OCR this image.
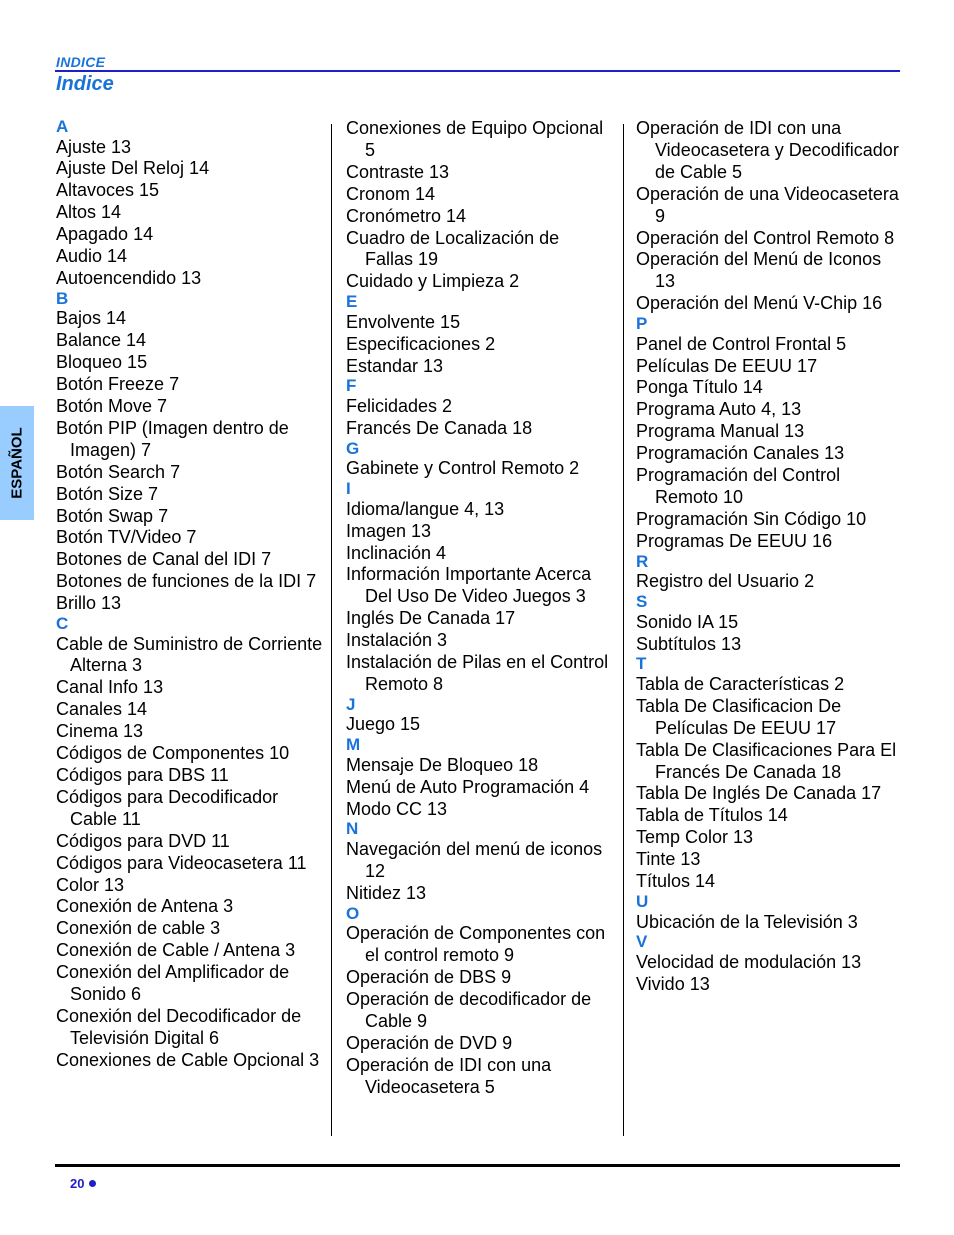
INDICE
Indice
ESPAÑOL
A
Ajuste 13
Ajuste Del Reloj 14
Altavoces 15
Altos 14
Apagado 14
Audio 14
Autoencendido 13
B
Bajos 14
Balance 14
Bloqueo 15
Botón Freeze 7
Botón Move 7
Botón PIP (Imagen dentro de Imagen) 7
Botón Search 7
Botón Size 7
Botón Swap 7
Botón TV/Video 7
Botones de Canal del IDI 7
Botones de funciones de la IDI 7
Brillo 13
C
Cable de Suministro de Corriente Alterna 3
Canal Info 13
Canales 14
Cinema 13
Códigos de Componentes 10
Códigos para DBS 11
Códigos para Decodificador Cable 11
Códigos para DVD 11
Códigos para Videocasetera 11
Color 13
Conexión de Antena 3
Conexión de cable 3
Conexión de Cable / Antena 3
Conexión del Amplificador de Sonido 6
Conexión del Decodificador de Televisión Digital 6
Conexiones de Cable Opcional 3
Conexiones de Equipo Opcional 5
Contraste 13
Cronom 14
Cronómetro 14
Cuadro de Localización de Fallas 19
Cuidado y Limpieza 2
E
Envolvente 15
Especificaciones 2
Estandar 13
F
Felicidades 2
Francés De Canada 18
G
Gabinete y Control Remoto 2
I
Idioma/langue 4, 13
Imagen 13
Inclinación 4
Información Importante Acerca Del Uso De Video Juegos 3
Inglés De Canada 17
Instalación 3
Instalación de Pilas en el Control Remoto 8
J
Juego 15
M
Mensaje De Bloqueo 18
Menú de Auto Programación 4
Modo CC 13
N
Navegación del menú de iconos 12
Nitidez 13
O
Operación de Componentes con el control remoto 9
Operación de DBS 9
Operación de decodificador de Cable 9
Operación de DVD 9
Operación de IDI con una Videocasetera 5
Operación de IDI con una Videocasetera y Decodificador de Cable 5
Operación de una Videocasetera 9
Operación del Control Remoto 8
Operación del Menú de Iconos 13
Operación del Menú V-Chip 16
P
Panel de Control Frontal 5
Películas De EEUU 17
Ponga Título 14
Programa Auto 4, 13
Programa Manual 13
Programación Canales 13
Programación del Control Remoto 10
Programación Sin Código 10
Programas De EEUU 16
R
Registro del Usuario 2
S
Sonido IA 15
Subtítulos 13
T
Tabla de Características 2
Tabla De Clasificacion De Películas De EEUU 17
Tabla De Clasificaciones Para El Francés De Canada 18
Tabla De Inglés De Canada 17
Tabla de Títulos 14
Temp Color 13
Tinte 13
Títulos 14
U
Ubicación de la Televisión 3
V
Velocidad de modulación 13
Vivido 13
20
